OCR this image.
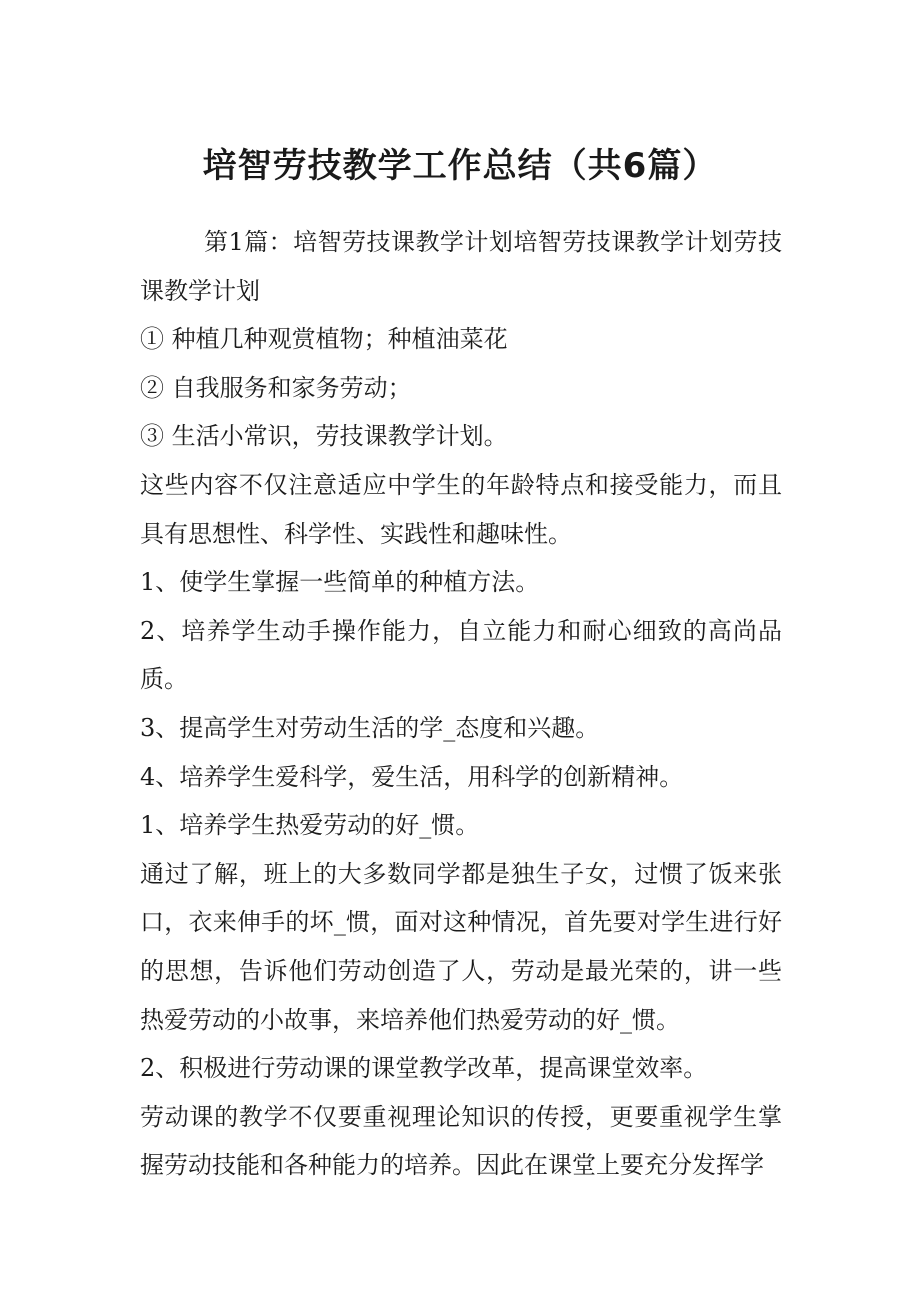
培智劳技教学工作总结（共6篇）

第1篇：培智劳技课教学计划培智劳技课教学计划劳技课教学计划

① 种植几种观赏植物；种植油菜花

② 自我服务和家务劳动；

③ 生活小常识，劳技课教学计划。

这些内容不仅注意适应中学生的年龄特点和接受能力，而且具有思想性、科学性、实践性和趣味性。

1、使学生掌握一些简单的种植方法。

2、培养学生动手操作能力，自立能力和耐心细致的高尚品质。

3、提高学生对劳动生活的学_态度和兴趣。

4、培养学生爱科学，爱生活，用科学的创新精神。

1、培养学生热爱劳动的好_惯。

通过了解，班上的大多数同学都是独生子女，过惯了饭来张口，衣来伸手的坏_惯，面对这种情况，首先要对学生进行好的思想，告诉他们劳动创造了人，劳动是最光荣的，讲一些热爱劳动的小故事，来培养他们热爱劳动的好_惯。

2、积极进行劳动课的课堂教学改革，提高课堂效率。

劳动课的教学不仅要重视理论知识的传授，更要重视学生掌握劳动技能和各种能力的培养。因此在课堂上要充分发挥学
